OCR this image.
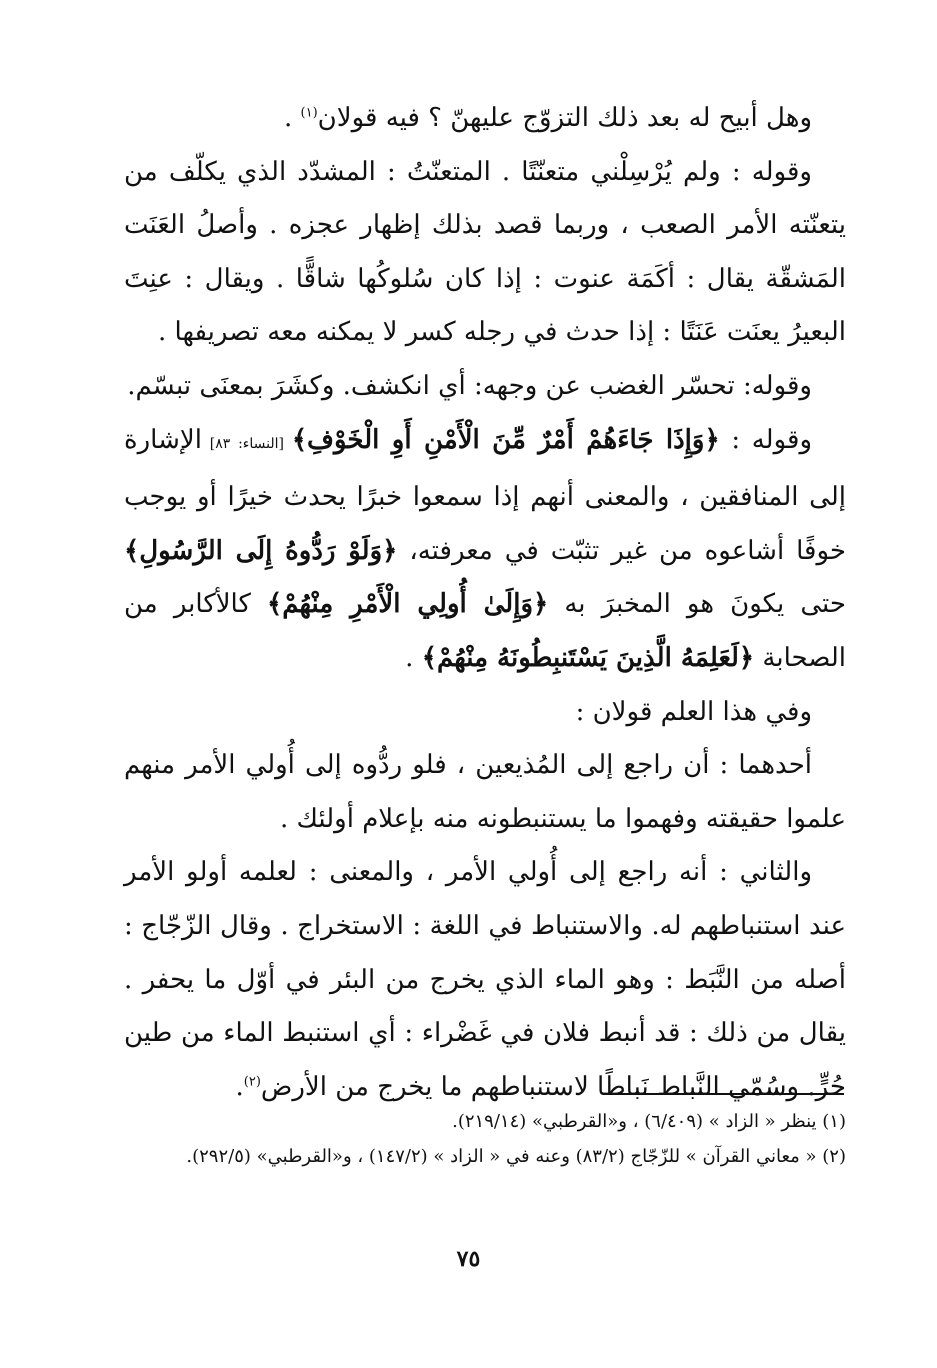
وهل أبيح له بعد ذلك التزوّج عليهنّ ؟ فيه قولان$^{(١)}$ .

وقوله : ولم يُرْسِلْني متعنّتًا . المتعنّتُ : المشدّد الذي يكلّف من يتعنّته الأمر الصعب ، وربما قصد بذلك إظهار عجزه . وأصلُ العَنَت المَشقّة يقال : أكَمَة عنوت : إذا كان سُلوكُها شاقًّا . ويقال : عنِتَ البعيرُ يعنَت عَنَتًا : إذا حدث في رجله كسر لا يمكنه معه تصريفها .

وقوله: تحسّر الغضب عن وجهه: أي انكشف. وكشَرَ بمعنَى تبسّم.

وقوله : ﴿وَإِذَا جَاءَهُمْ أَمْرٌ مِّنَ الْأَمْنِ أَوِ الْخَوْفِ﴾ [النساء: ٨٣] الإشارة إلى المنافقين ، والمعنى أنهم إذا سمعوا خبرًا يحدث خيرًا أو يوجب خوفًا أشاعوه من غير تثبّت في معرفته، ﴿وَلَوْ رَدُّوهُ إِلَى الرَّسُولِ﴾ حتى يكونَ هو المخبرَ به ﴿وَإِلَىٰ أُولِي الْأَمْرِ مِنْهُمْ﴾ كالأكابر من الصحابة ﴿لَعَلِمَهُ الَّذِينَ يَسْتَنبِطُونَهُ مِنْهُمْ﴾ .

وفي هذا العلم قولان :

أحدهما : أن راجع إلى المُذيعين ، فلو ردُّوه إلى أُولي الأمر منهم علموا حقيقته وفهموا ما يستنبطونه منه بإعلام أولئك .

والثاني : أنه راجع إلى أُولي الأمر ، والمعنى : لعلمه أولو الأمر عند استنباطهم له. والاستنباط في اللغة : الاستخراج . وقال الزّجّاج : أصله من النَّبَط : وهو الماء الذي يخرج من البئر في أوّل ما يحفر . يقال من ذلك : قد أنبط فلان في غَضْراء : أي استنبط الماء من طين حُرٍّ. وسُمّي النَّباط نَباطًا لاستنباطهم ما يخرج من الأرض$^{(٢)}$.

(١) ينظر « الزاد » (٦/٤٠٩) ، و«القرطبي» (٢١٩/١٤).

(٢) « معاني القرآن » للزّجّاج (٨٣/٢) وعنه في « الزاد » (١٤٧/٢) ، و«القرطبي» (٢٩٢/٥).

٧٥
